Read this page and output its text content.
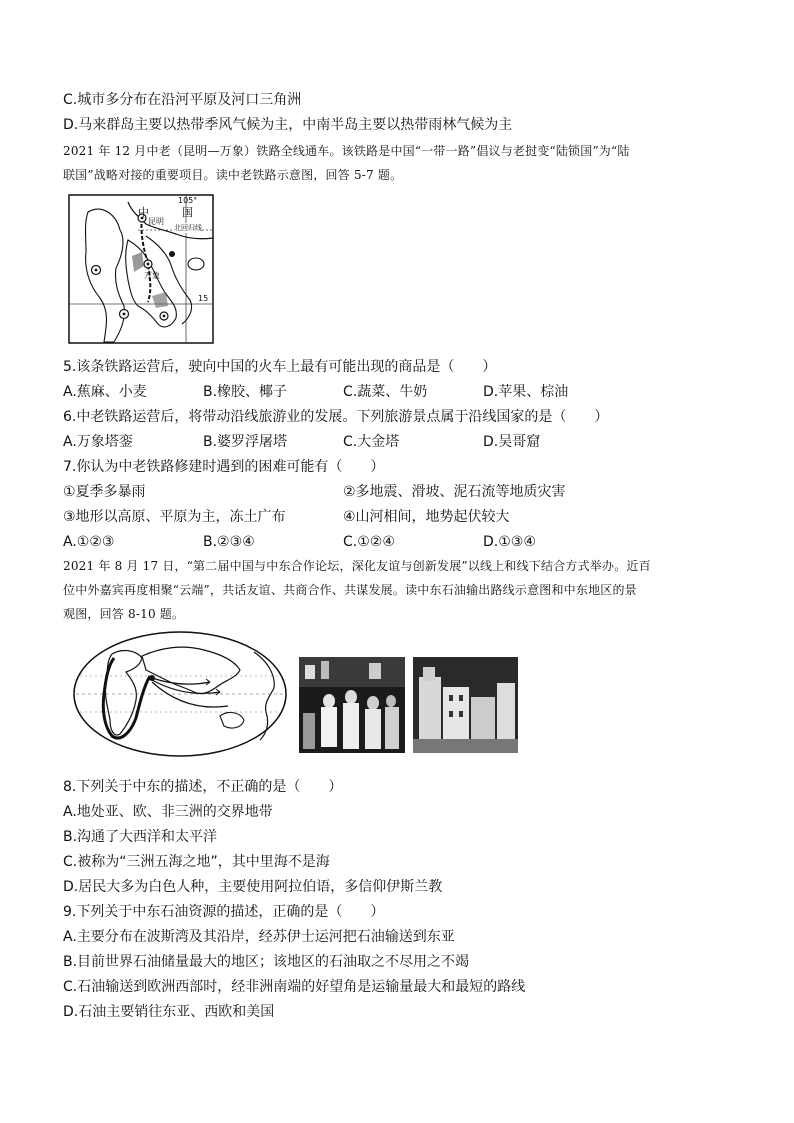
C.城市多分布在沿河平原及河口三角洲
D.马来群岛主要以热带季风气候为主，中南半岛主要以热带雨林气候为主
2021 年 12 月中老（昆明—万象）铁路全线通车。该铁路是中国“一带一路”倡议与老挝变“陆锁国”为“陆
联国”战略对接的重要项目。读中老铁路示意图，回答 5-7 题。
105°
中	国
昆明
北回归线
万象
15
5.该条铁路运营后，驶向中国的火车上最有可能出现的商品是（　　）
A.蕉麻、小麦	B.橡胶、椰子	C.蔬菜、牛奶	D.苹果、棕油
6.中老铁路运营后，将带动沿线旅游业的发展。下列旅游景点属于沿线国家的是（　　）
A.万象塔銮	B.婆罗浮屠塔	C.大金塔	D.吴哥窟
7.你认为中老铁路修建时遇到的困难可能有（　　）
①夏季多暴雨	②多地震、滑坡、泥石流等地质灾害
③地形以高原、平原为主，冻土广布	④山河相间，地势起伏较大
A.①②③	B.②③④	C.①②④	D.①③④
2021 年 8 月 17 日，“第二届中国与中东合作论坛，深化友谊与创新发展”以线上和线下结合方式举办。近百
位中外嘉宾再度相聚“云端”，共话友谊、共商合作、共谋发展。读中东石油输出路线示意图和中东地区的景
观图，回答 8-10 题。
8.下列关于中东的描述，不正确的是（　　）
A.地处亚、欧、非三洲的交界地带
B.沟通了大西洋和太平洋
C.被称为“三洲五海之地”，其中里海不是海
D.居民大多为白色人种，主要使用阿拉伯语，多信仰伊斯兰教
9.下列关于中东石油资源的描述，正确的是（　　）
A.主要分布在波斯湾及其沿岸，经苏伊士运河把石油输送到东亚
B.目前世界石油储量最大的地区；该地区的石油取之不尽用之不竭
C.石油输送到欧洲西部时，经非洲南端的好望角是运输量最大和最短的路线
D.石油主要销往东亚、西欧和美国
